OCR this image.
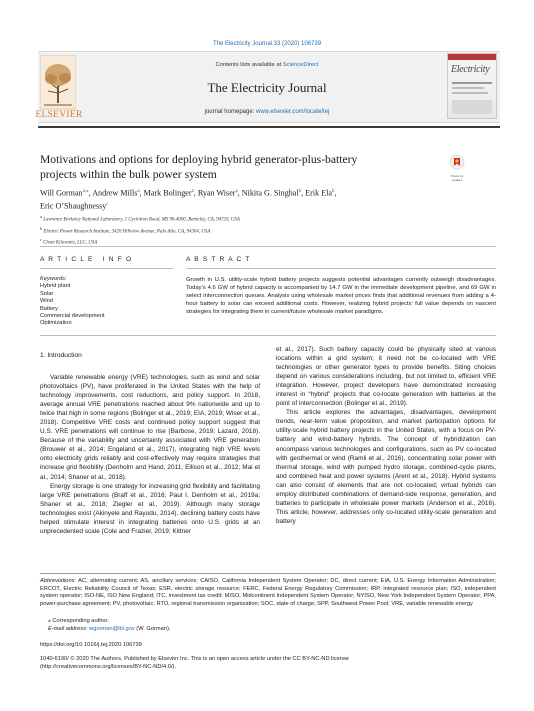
The Electricity Journal 33 (2020) 106739
ELSEVIER
Contents lists available at ScienceDirect
The Electricity Journal
journal homepage: www.elsevier.com/locate/tej
Electricity
Motivations and options for deploying hybrid generator-plus-battery
projects within the bulk power system	Check for
updates
Will Gorman$^{a,⁎}$, Andrew Mills$^a$, Mark Bolinger$^a$, Ryan Wiser$^a$, Nikita G. Singhal$^b$, Erik Ela$^b$,
Eric O’Shaughnessy$^c$
$^a$ Lawrence Berkeley National Laboratory, 1 Cyclotron Road, MS 90-4000, Berkeley, CA, 94720, USA
$^b$ Electric Power Research Institute, 3420 Hillview Avenue, Palo Alto, CA, 94304, USA
$^c$ Clean Kilowatts, LLC, USA
A R T I C L E   I N F O
Keywords:
Hybrid plant
Solar
Wind
Battery
Commercial development
Optimization
A B S T R A C T
Growth in U.S. utility-scale hybrid battery projects suggests potential advantages currently outweigh disadvantages. Today’s 4.6 GW of hybrid capacity is accompanied by 14.7 GW in the immediate development pipeline, and 69 GW in select interconnection queues. Analysis using wholesale market prices finds that additional revenues from adding a 4-hour battery to solar can exceed additional costs. However, realizing hybrid projects’ full value depends on nascent strategies for integrating them in current/future wholesale market paradigms.
1. Introduction

Variable renewable energy (VRE) technologies, such as wind and solar photovoltaics (PV), have proliferated in the United States with the help of technology improvements, cost reductions, and policy support. In 2018, average annual VRE penetrations reached about 9% nationwide and up to twice that high in some regions (Bolinger et al., 2019; EIA, 2019; Wiser et al., 2018). Competitive VRE costs and continued policy support suggest that U.S. VRE penetrations will continue to rise (Barbose, 2019; Lazard, 2018). Because of the variability and uncertainty associated with VRE generation (Brouwer et al., 2014; Engeland et al., 2017), integrating high VRE levels onto electricity grids reliably and cost-effectively may require strategies that increase grid flexibility (Denholm and Hand, 2011; Ellison et al., 2012; Mai et al., 2014; Shaner et al., 2018).

Energy storage is one strategy for increasing grid flexibility and facilitating large VRE penetrations (Braff et al., 2016; Paul I. Denholm et al., 2019a; Shaner et al., 2018; Ziegler et al., 2019). Although many storage technologies exist (Akinyele and Rayudu, 2014), declining battery costs have helped stimulate interest in integrating batteries onto U.S. grids at an unprecedented scale (Cole and Frazier, 2019; Kittner

et al., 2017). Such battery capacity could be physically sited at various locations within a grid system; it need not be co-located with VRE technologies or other generator types to provide benefits. Siting choices depend on various considerations including, but not limited to, efficient VRE integration. However, project developers have demonstrated increasing interest in “hybrid” projects that co-locate generation with batteries at the point of interconnection (Bolinger et al., 2019).

This article explores the advantages, disadvantages, development trends, near-term value proposition, and market participation options for utility-scale hybrid battery projects in the United States, with a focus on PV-battery and wind-battery hybrids. The concept of hybridization can encompass various technologies and configurations, such as PV co-located with geothermal or wind (Ramli et al., 2016), concentrating solar power with thermal storage, wind with pumped hydro storage, combined-cycle plants, and combined heat and power systems (Arent et al., 2018). Hybrid systems can also consist of elements that are not co-located; virtual hybrids can employ distributed combinations of demand-side response, generation, and batteries to participate in wholesale power markets (Anderson et al., 2016). This article, however, addresses only co-located utility-scale generation and battery

Abbreviations: AC, alternating current; AS, ancillary services; CAISO, California Independent System Operator; DC, direct current; EIA, U.S. Energy Information Administration; ERCOT, Electric Reliability Council of Texas; ESR, electric storage resource; FERC, Federal Energy Regulatory Commission; IRP, integrated resource plan; ISO, independent system operator; ISO-NE, ISO New England; ITC, investment tax credit; MISO, Midcontinent Independent System Operator; NYISO, New York Independent System Operator; PPA, power-purchase agreement; PV, photovoltaic; RTO, regional transmission organization; SOC, state of charge; SPP, Southwest Power Pool; VRE, variable renewable energy
⁎ Corresponding author.
E-mail address: wgorman@lbl.gov (W. Gorman).
https://doi.org/10.1016/j.tej.2020.106739
1040-6190/ © 2020 The Authors. Published by Elsevier Inc. This is an open access article under the CC BY-NC-ND license
(http://creativecommons.org/licenses/BY-NC-ND/4.0/).
